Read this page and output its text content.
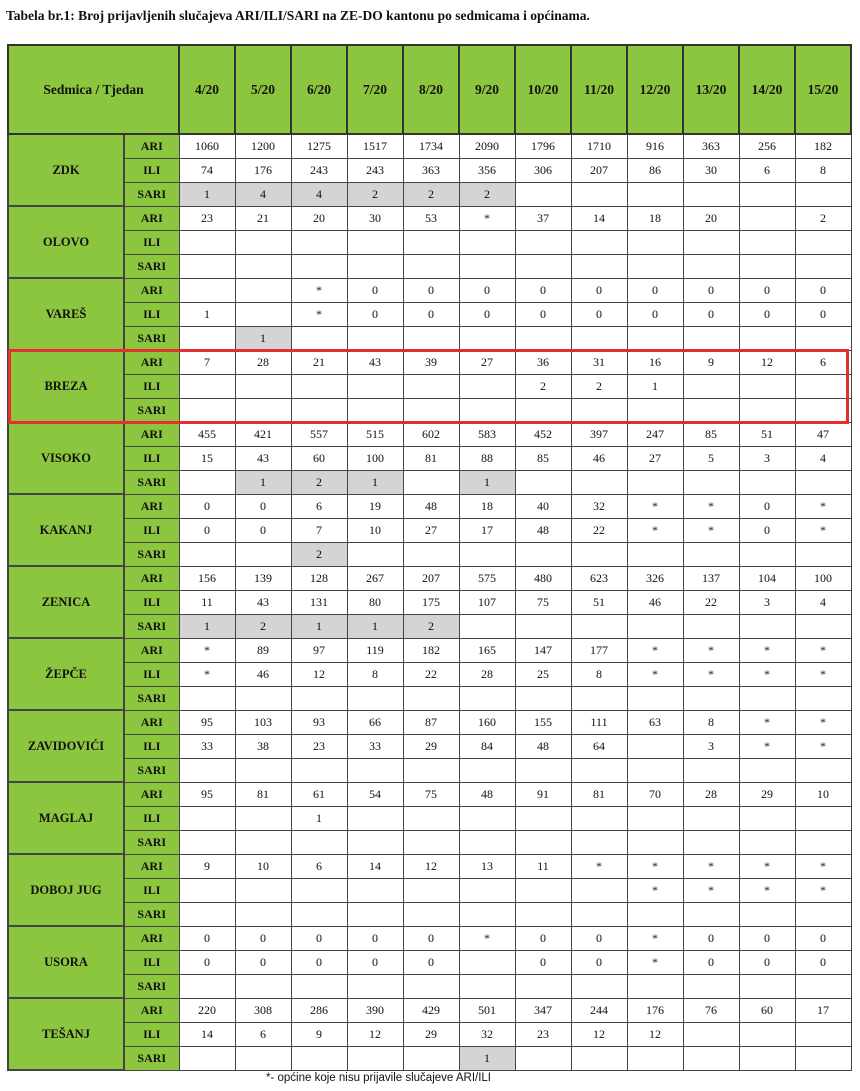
Tabela br.1: Broj prijavljenih slučajeva ARI/ILI/SARI na ZE-DO kantonu po sedmicama i općinama.
Sedmica / Tjedan		4/20	5/20	6/20	7/20	8/20	9/20	10/20	11/20	12/20	13/20	14/20	15/20
ZDK	ARI	1060	1200	1275	1517	1734	2090	1796	1710	916	363	256	182
	ILI	74	176	243	243	363	356	306	207	86	30	6	8
	SARI	1	4	4	2	2	2						
OLOVO	ARI	23	21	20	30	53	*	37	14	18	20		2
	ILI												
	SARI												
VAREŠ	ARI			*	0	0	0	0	0	0	0	0	0
	ILI	1		*	0	0	0	0	0	0	0	0	0
	SARI		1										
BREZA	ARI	7	28	21	43	39	27	36	31	16	9	12	6
	ILI							2	2	1			
	SARI												
VISOKO	ARI	455	421	557	515	602	583	452	397	247	85	51	47
	ILI	15	43	60	100	81	88	85	46	27	5	3	4
	SARI		1	2	1		1						
KAKANJ	ARI	0	0	6	19	48	18	40	32	*	*	0	*
	ILI	0	0	7	10	27	17	48	22	*	*	0	*
	SARI			2									
ZENICA	ARI	156	139	128	267	207	575	480	623	326	137	104	100
	ILI	11	43	131	80	175	107	75	51	46	22	3	4
	SARI	1	2	1	1	2							
ŽEPČE	ARI	*	89	97	119	182	165	147	177	*	*	*	*
	ILI	*	46	12	8	22	28	25	8	*	*	*	*
	SARI												
ZAVIDOVIĆI	ARI	95	103	93	66	87	160	155	111	63	8	*	*
	ILI	33	38	23	33	29	84	48	64		3	*	*
	SARI												
MAGLAJ	ARI	95	81	61	54	75	48	91	81	70	28	29	10
	ILI			1									
	SARI												
DOBOJ JUG	ARI	9	10	6	14	12	13	11	*	*	*	*	*
	ILI									*	*	*	*
	SARI												
USORA	ARI	0	0	0	0	0	*	0	0	*	0	0	0
	ILI	0	0	0	0	0		0	0	*	0	0	0
	SARI												
TEŠANJ	ARI	220	308	286	390	429	501	347	244	176	76	60	17
	ILI	14	6	9	12	29	32	23	12	12			
	SARI						1						
*- općine koje nisu prijavile slučajeve ARI/ILI
